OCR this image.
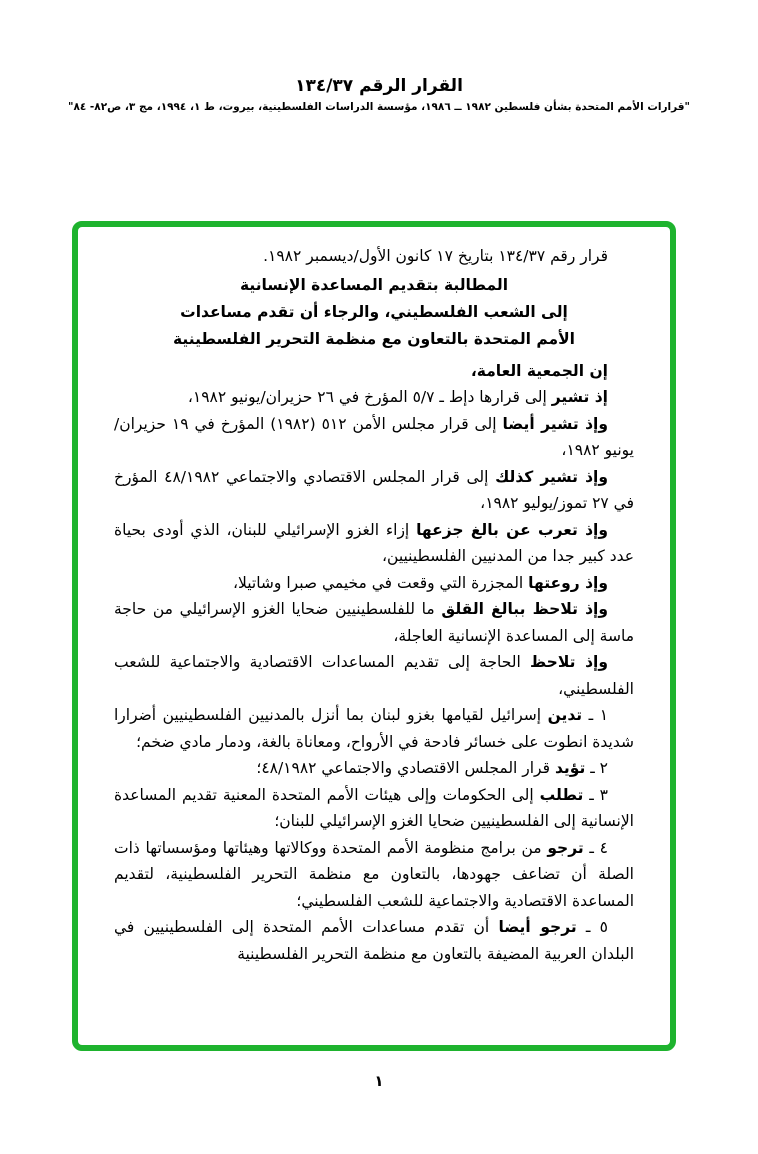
القرار الرقم ١٣٤/٣٧
"قرارات الأمم المتحدة بشأن فلسطين ١٩٨٢ ــ ١٩٨٦، مؤسسة الدراسات الفلسطينية، بيروت، ط ١، ١٩٩٤، مج ٣، ص٨٢- ٨٤"

قرار رقم ١٣٤/٣٧ بتاريخ ١٧ كانون الأول/ديسمبر ١٩٨٢.

المطالبة بتقديم المساعدة الإنسانية
إلى الشعب الفلسطيني، والرجاء أن تقدم مساعدات
الأمم المتحدة بالتعاون مع منظمة التحرير الفلسطينية

إن الجمعية العامة،

إذ تشير إلى قرارها دإط ـ ٥/٧ المؤرخ في ٢٦ حزيران/يونيو ١٩٨٢،

وإذ تشير أيضا إلى قرار مجلس الأمن ٥١٢ (١٩٨٢) المؤرخ في ١٩ حزيران/يونيو ١٩٨٢،

وإذ تشير كذلك إلى قرار المجلس الاقتصادي والاجتماعي ٤٨/١٩٨٢ المؤرخ في ٢٧ تموز/يوليو ١٩٨٢،

وإذ تعرب عن بالغ جزعها إزاء الغزو الإسرائيلي للبنان، الذي أودى بحياة عدد كبير جدا من المدنيين الفلسطينيين،

وإذ روعتها المجزرة التي وقعت في مخيمي صبرا وشاتيلا،

وإذ تلاحظ ببالغ القلق ما للفلسطينيين ضحايا الغزو الإسرائيلي من حاجة ماسة إلى المساعدة الإنسانية العاجلة،

وإذ تلاحظ الحاجة إلى تقديم المساعدات الاقتصادية والاجتماعية للشعب الفلسطيني،

١ ـ تدين إسرائيل لقيامها بغزو لبنان بما أنزل بالمدنيين الفلسطينيين أضرارا شديدة انطوت على خسائر فادحة في الأرواح، ومعاناة بالغة، ودمار مادي ضخم؛

٢ ـ تؤيد قرار المجلس الاقتصادي والاجتماعي ٤٨/١٩٨٢؛

٣ ـ تطلب إلى الحكومات وإلى هيئات الأمم المتحدة المعنية تقديم المساعدة الإنسانية إلى الفلسطينيين ضحايا الغزو الإسرائيلي للبنان؛

٤ ـ ترجو من برامج منظومة الأمم المتحدة ووكالاتها وهيئاتها ومؤسساتها ذات الصلة أن تضاعف جهودها، بالتعاون مع منظمة التحرير الفلسطينية، لتقديم المساعدة الاقتصادية والاجتماعية للشعب الفلسطيني؛

٥ ـ ترجو أيضا أن تقدم مساعدات الأمم المتحدة إلى الفلسطينيين في البلدان العربية المضيفة بالتعاون مع منظمة التحرير الفلسطينية

١
